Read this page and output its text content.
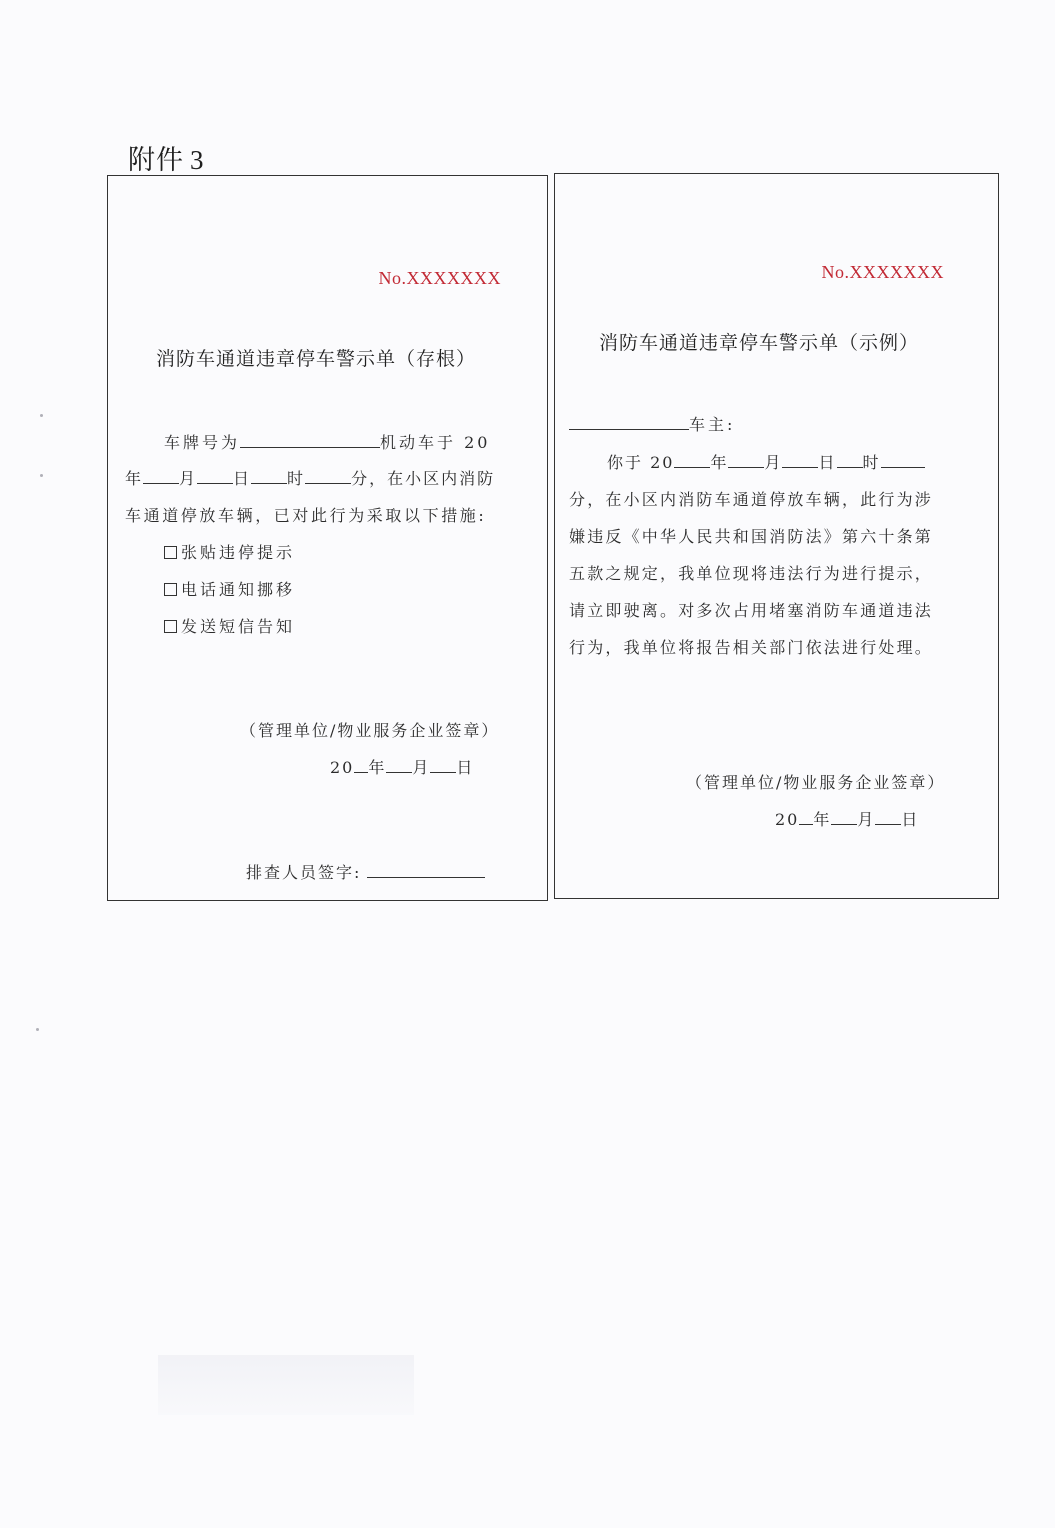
附件 3
No.XXXXXXX
消防车通道违章停车警示单（存根）
车牌号为	机动车于 20
年 月 日 时	分，在小区内消防
车通道停放车辆，已对此行为采取以下措施:
张贴违停提示
电话通知挪移
发送短信告知
（管理单位/物业服务企业签章）
20 年 月 日
排查人员签字:
No.XXXXXXX
消防车通道违章停车警示单（示例）
车主:
你于 20 年 月 日 时
分，在小区内消防车通道停放车辆，此行为涉
嫌违反《中华人民共和国消防法》第六十条第
五款之规定，我单位现将违法行为进行提示，
请立即驶离。对多次占用堵塞消防车通道违法
行为，我单位将报告相关部门依法进行处理。
（管理单位/物业服务企业签章）
20 年 月 日
